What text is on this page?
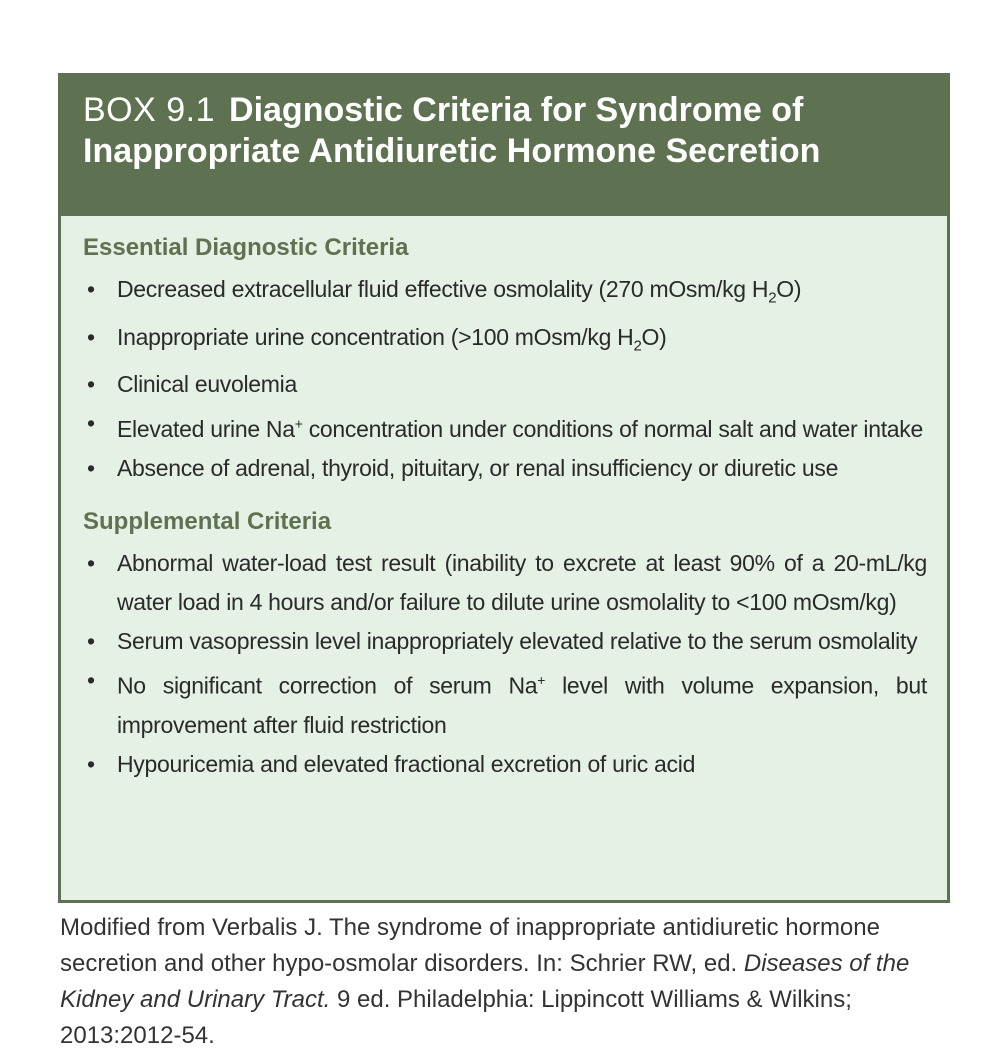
BOX 9.1 Diagnostic Criteria for Syndrome of Inappropriate Antidiuretic Hormone Secretion
Essential Diagnostic Criteria
• Decreased extracellular fluid effective osmolality (270 mOsm/kg $H_2O$)
• Inappropriate urine concentration (>100 mOsm/kg $H_2O$)
• Clinical euvolemia
• Elevated urine Na+ concentration under conditions of normal salt and water intake
• Absence of adrenal, thyroid, pituitary, or renal insufficiency or diuretic use
Supplemental Criteria
• Abnormal water-load test result (inability to excrete at least 90% of a 20-mL/kg water load in 4 hours and/or failure to dilute urine osmolality to <100 mOsm/kg)
• Serum vasopressin level inappropriately elevated relative to the serum osmolality
• No significant correction of serum Na+ level with volume expansion, but improvement after fluid restriction
• Hypouricemia and elevated fractional excretion of uric acid

Modified from Verbalis J. The syndrome of inappropriate antidiuretic hormone secretion and other hypo-osmolar disorders. In: Schrier RW, ed. Diseases of the Kidney and Urinary Tract. 9 ed. Philadelphia: Lippincott Williams & Wilkins; 2013:2012-54.
